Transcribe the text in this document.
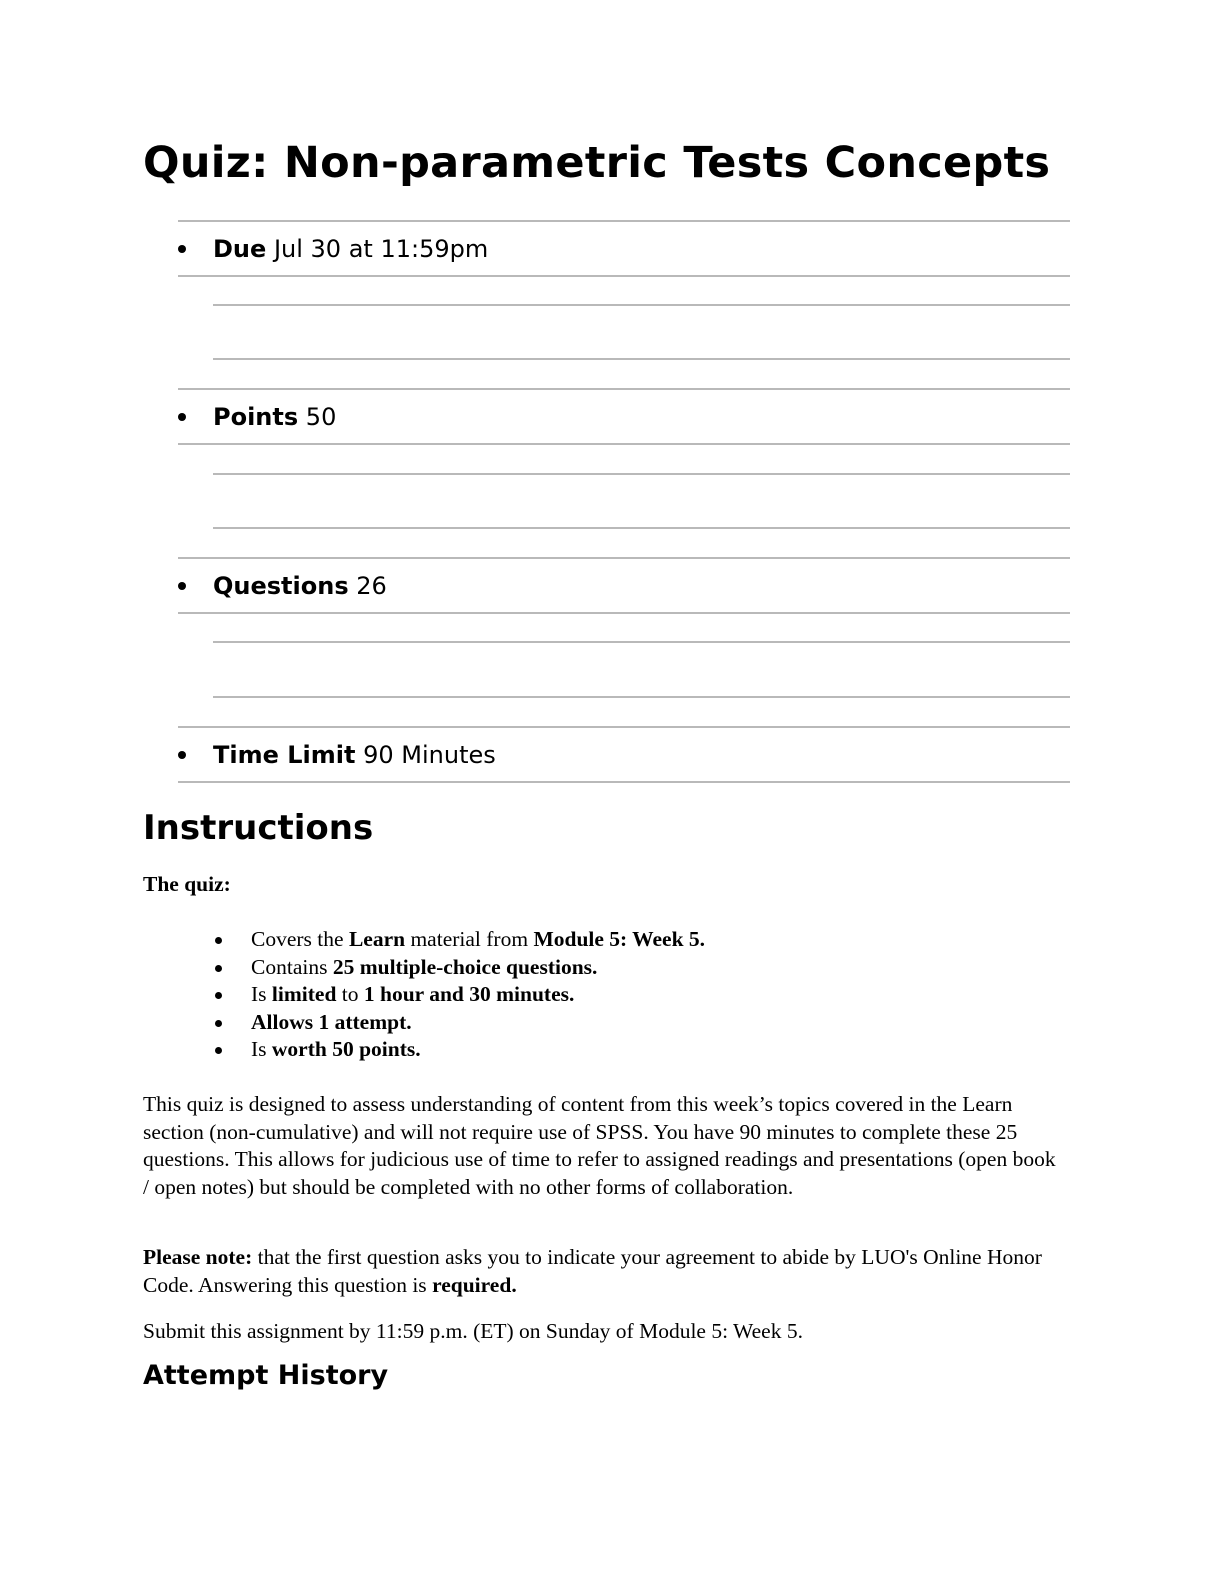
Quiz: Non-parametric Tests Concepts
Due
Jul 30 at 11:59pm
Points
50
Questions
26
Time Limit
90 Minutes
Instructions

The quiz:

Covers the Learn material from Module 5: Week 5.
Contains 25 multiple-choice questions.
Is limited to 1 hour and 30 minutes.
Allows 1 attempt.
Is worth 50 points.

This quiz is designed to assess understanding of content from this week’s topics covered in the Learn section (non-cumulative) and will not require use of SPSS. You have 90 minutes to complete these 25 questions. This allows for judicious use of time to refer to assigned readings and presentations (open book / open notes) but should be completed with no other forms of collaboration.

Please note: that the first question asks you to indicate your agreement to abide by LUO's Online Honor Code. Answering this question is required.

Submit this assignment by 11:59 p.m. (ET) on Sunday of Module 5: Week 5.

Attempt History
